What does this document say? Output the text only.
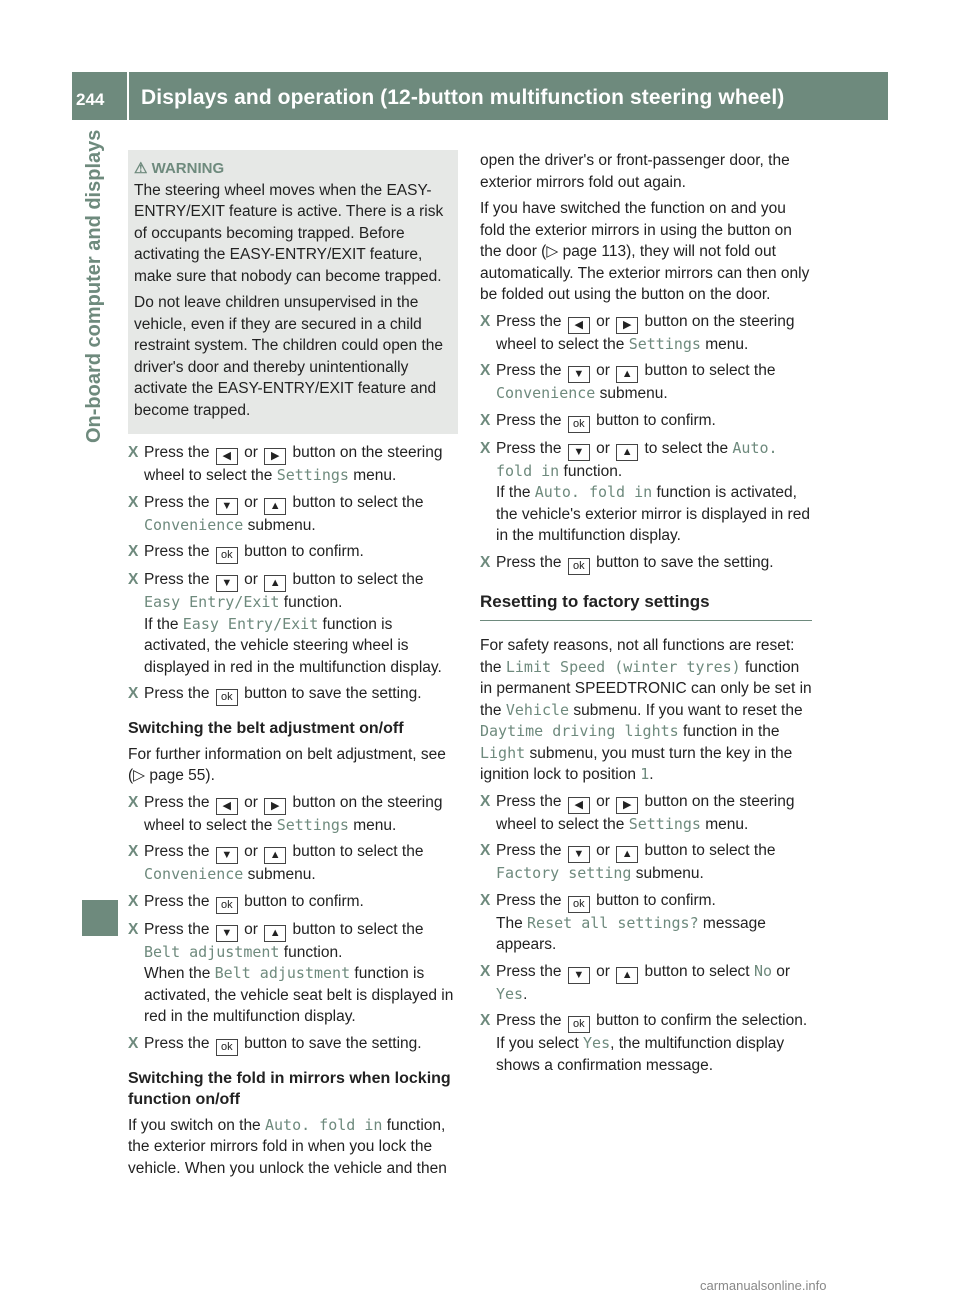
244 Displays and operation (12-button multifunction steering wheel)
On-board computer and displays	⚠ WARNING

The steering wheel moves when the EASY-ENTRY/EXIT feature is active. There is a risk of occupants becoming trapped. Before activating the EASY-ENTRY/EXIT feature, make sure that nobody can become trapped.

Do not leave children unsupervised in the vehicle, even if they are secured in a child restraint system. The children could open the driver's door and thereby unintentionally activate the EASY-ENTRY/EXIT feature and become trapped.

X Press the ◀ or ▶ button on the steering wheel to select the Settings menu.
X Press the ▼ or ▲ button to select the Convenience submenu.
X Press the ok button to confirm.
X Press the ▼ or ▲ button to select the Easy Entry/Exit function.
If the Easy Entry/Exit function is activated, the vehicle steering wheel is displayed in red in the multifunction display.
X Press the ok button to save the setting.
Switching the belt adjustment on/off

For further information on belt adjustment, see (▷ page 55).

X Press the ◀ or ▶ button on the steering wheel to select the Settings menu.
X Press the ▼ or ▲ button to select the Convenience submenu.
X Press the ok button to confirm.
X Press the ▼ or ▲ button to select the Belt adjustment function.
When the Belt adjustment function is activated, the vehicle seat belt is displayed in red in the multifunction display.
X Press the ok button to save the setting.
Switching the fold in mirrors when locking function on/off

If you switch on the Auto. fold in function, the exterior mirrors fold in when you lock the vehicle. When you unlock the vehicle and then

open the driver's or front-passenger door, the exterior mirrors fold out again.

If you have switched the function on and you fold the exterior mirrors in using the button on the door (▷ page 113), they will not fold out automatically. The exterior mirrors can then only be folded out using the button on the door.

X Press the ◀ or ▶ button on the steering wheel to select the Settings menu.
X Press the ▼ or ▲ button to select the Convenience submenu.
X Press the ok button to confirm.
X Press the ▼ or ▲ to select the Auto. fold in function.
If the Auto. fold in function is activated, the vehicle's exterior mirror is displayed in red in the multifunction display.
X Press the ok button to save the setting.
Resetting to factory settings

For safety reasons, not all functions are reset: the Limit Speed (winter tyres) function in permanent SPEEDTRONIC can only be set in the Vehicle submenu. If you want to reset the Daytime driving lights function in the Light submenu, you must turn the key in the ignition lock to position 1.

X Press the ◀ or ▶ button on the steering wheel to select the Settings menu.
X Press the ▼ or ▲ button to select the Factory setting submenu.
X Press the ok button to confirm.
The Reset all settings? message appears.
X Press the ▼ or ▲ button to select No or Yes.
X Press the ok button to confirm the selection.
If you select Yes, the multifunction display shows a confirmation message.
carmanualsonline.info
